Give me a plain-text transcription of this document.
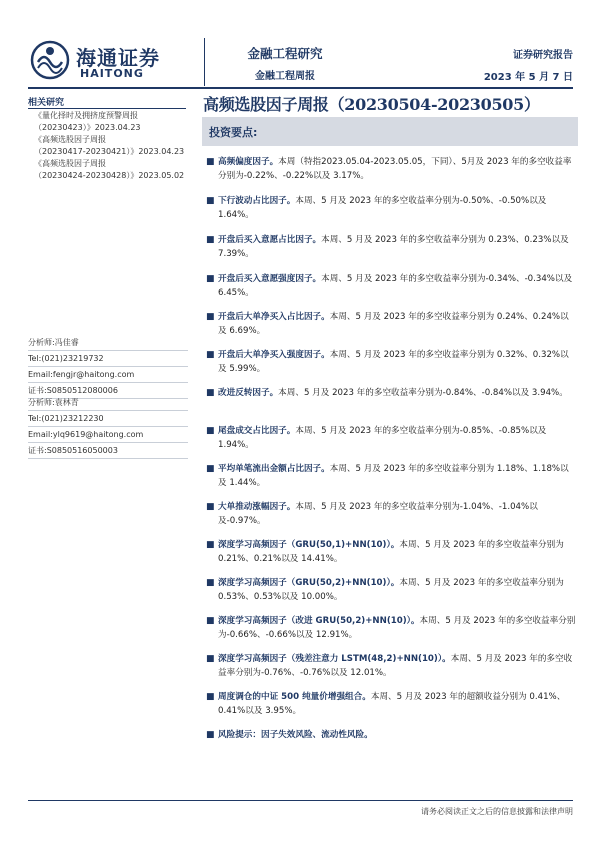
海通证券
HAITONG
金融工程研究
金融工程周报
证券研究报告
2023 年 5 月 7 日
相关研究
《量化择时及拥挤度预警周报
（20230423）》2023.04.23
《高频选股因子周报
（20230417-20230421）》2023.04.23
《高频选股因子周报
（20230424-20230428）》2023.05.02
分析师:冯佳睿
Tel:(021)23219732
Email:fengjr@haitong.com
证书:S0850512080006
分析师:袁林青
Tel:(021)23212230
Email:ylq9619@haitong.com
证书:S0850516050003
高频选股因子周报（20230504-20230505）
投资要点:
■ 高频偏度因子。本周（特指2023.05.04-2023.05.05，下同）、5月及 2023 年的多空收益率分别为-0.22%、-0.22%以及 3.17%。
■ 下行波动占比因子。本周、5 月及 2023 年的多空收益率分别为-0.50%、-0.50%以及 1.64%。
■ 开盘后买入意愿占比因子。本周、5 月及 2023 年的多空收益率分别为 0.23%、0.23%以及 7.39%。
■ 开盘后买入意愿强度因子。本周、5 月及 2023 年的多空收益率分别为-0.34%、-0.34%以及 6.45%。
■ 开盘后大单净买入占比因子。本周、5 月及 2023 年的多空收益率分别为 0.24%、0.24%以及 6.69%。
■ 开盘后大单净买入强度因子。本周、5 月及 2023 年的多空收益率分别为 0.32%、0.32%以及 5.99%。
■ 改进反转因子。本周、5 月及 2023 年的多空收益率分别为-0.84%、-0.84%以及 3.94%。
■ 尾盘成交占比因子。本周、5 月及 2023 年的多空收益率分别为-0.85%、-0.85%以及 1.94%。
■ 平均单笔流出金额占比因子。本周、5 月及 2023 年的多空收益率分别为 1.18%、1.18%以及 1.44%。
■ 大单推动涨幅因子。本周、5 月及 2023 年的多空收益率分别为-1.04%、-1.04%以及-0.97%。
■ 深度学习高频因子（GRU(50,1)+NN(10)）。本周、5 月及 2023 年的多空收益率分别为 0.21%、0.21%以及 14.41%。
■ 深度学习高频因子（GRU(50,2)+NN(10)）。本周、5 月及 2023 年的多空收益率分别为 0.53%、0.53%以及 10.00%。
■ 深度学习高频因子（改进 GRU(50,2)+NN(10)）。本周、5 月及 2023 年的多空收益率分别为-0.66%、-0.66%以及 12.91%。
■ 深度学习高频因子（残差注意力 LSTM(48,2)+NN(10)）。本周、5 月及 2023 年的多空收益率分别为-0.76%、-0.76%以及 12.01%。
■ 周度调仓的中证 500 纯量价增强组合。本周、5 月及 2023 年的超额收益分别为 0.41%、0.41%以及 3.95%。
■ 风险提示：因子失效风险、流动性风险。
请务必阅读正文之后的信息披露和法律声明
